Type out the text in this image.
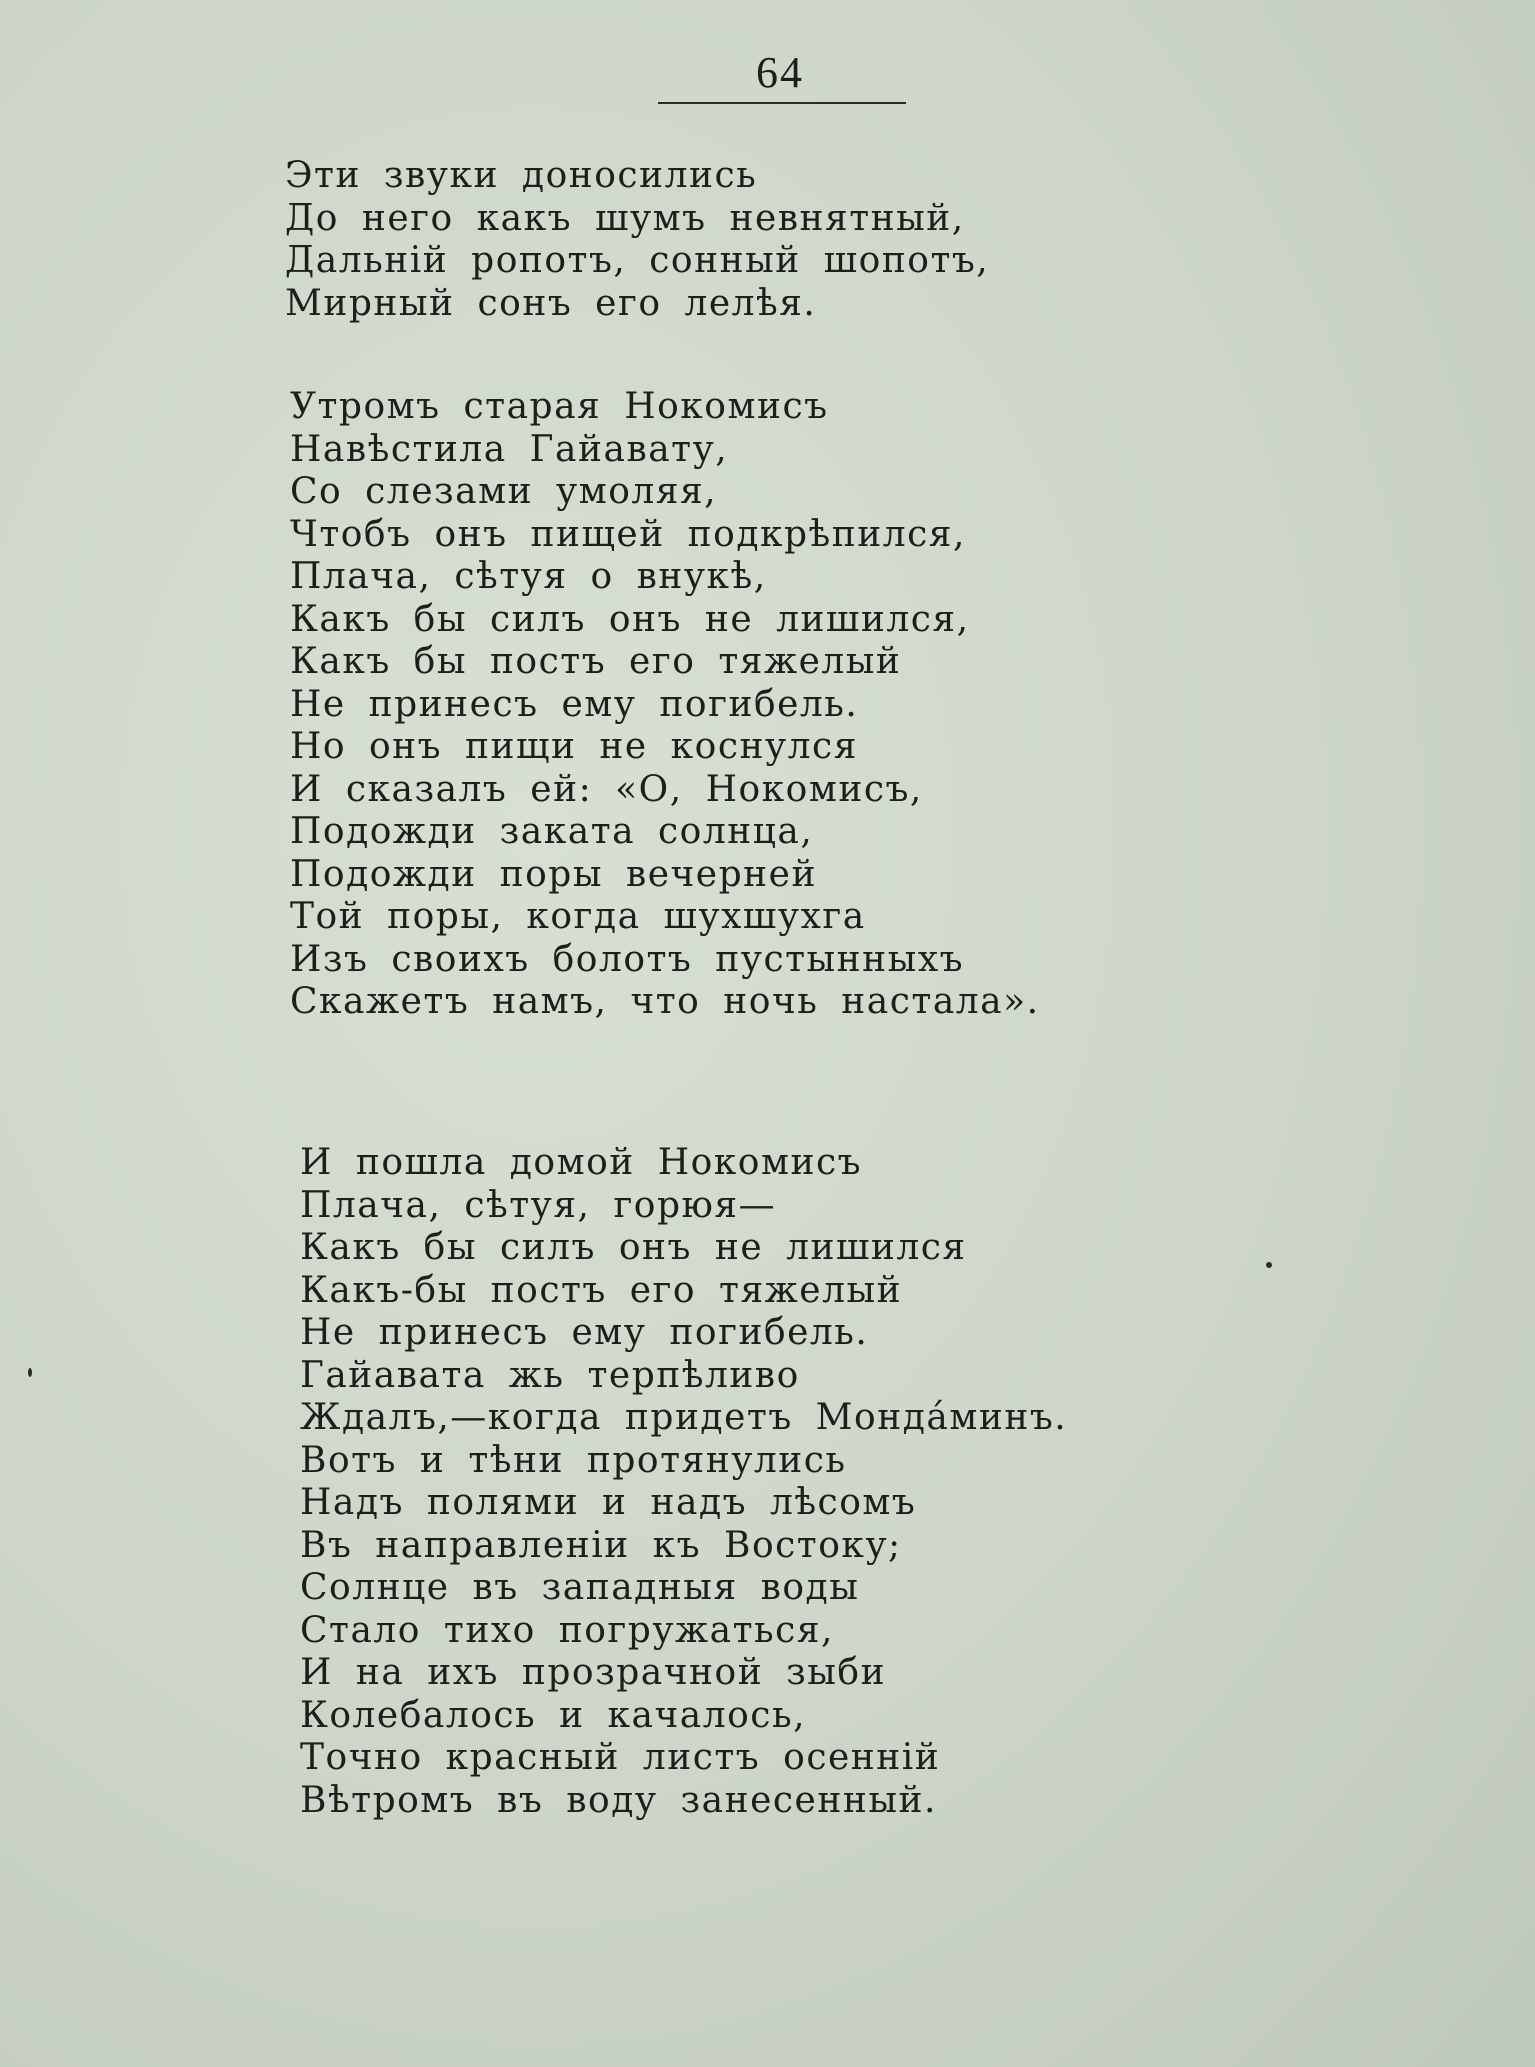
64
Эти звуки доносились
До него какъ шумъ невнятный,
Дальній ропотъ, сонный шопотъ,
Мирный сонъ его лелѣя.
Утромъ старая Нокомисъ
Навѣстила Гайавату,
Со слезами умоляя,
Чтобъ онъ пищей подкрѣпился,
Плача, сѣтуя о внукѣ,
Какъ бы силъ онъ не лишился,
Какъ бы постъ его тяжелый
Не принесъ ему погибель.
Но онъ пищи не коснулся
И сказалъ ей: «О, Нокомисъ,
Подожди заката солнца,
Подожди поры вечерней
Той поры, когда шухшухга
Изъ своихъ болотъ пустынныхъ
Скажетъ намъ, что ночь настала».
И пошла домой Нокомисъ
Плача, сѣтуя, горюя—
Какъ бы силъ онъ не лишился
Какъ-бы постъ его тяжелый
Не принесъ ему погибель.
Гайавата жь терпѣливо
Ждалъ,—когда придетъ Мондáминъ.
Вотъ и тѣни протянулись
Надъ полями и надъ лѣсомъ
Въ направленіи къ Востоку;
Солнце въ западныя воды
Стало тихо погружаться,
И на ихъ прозрачной зыби
Колебалось и качалось,
Точно красный листъ осенній
Вѣтромъ въ воду занесенный.
